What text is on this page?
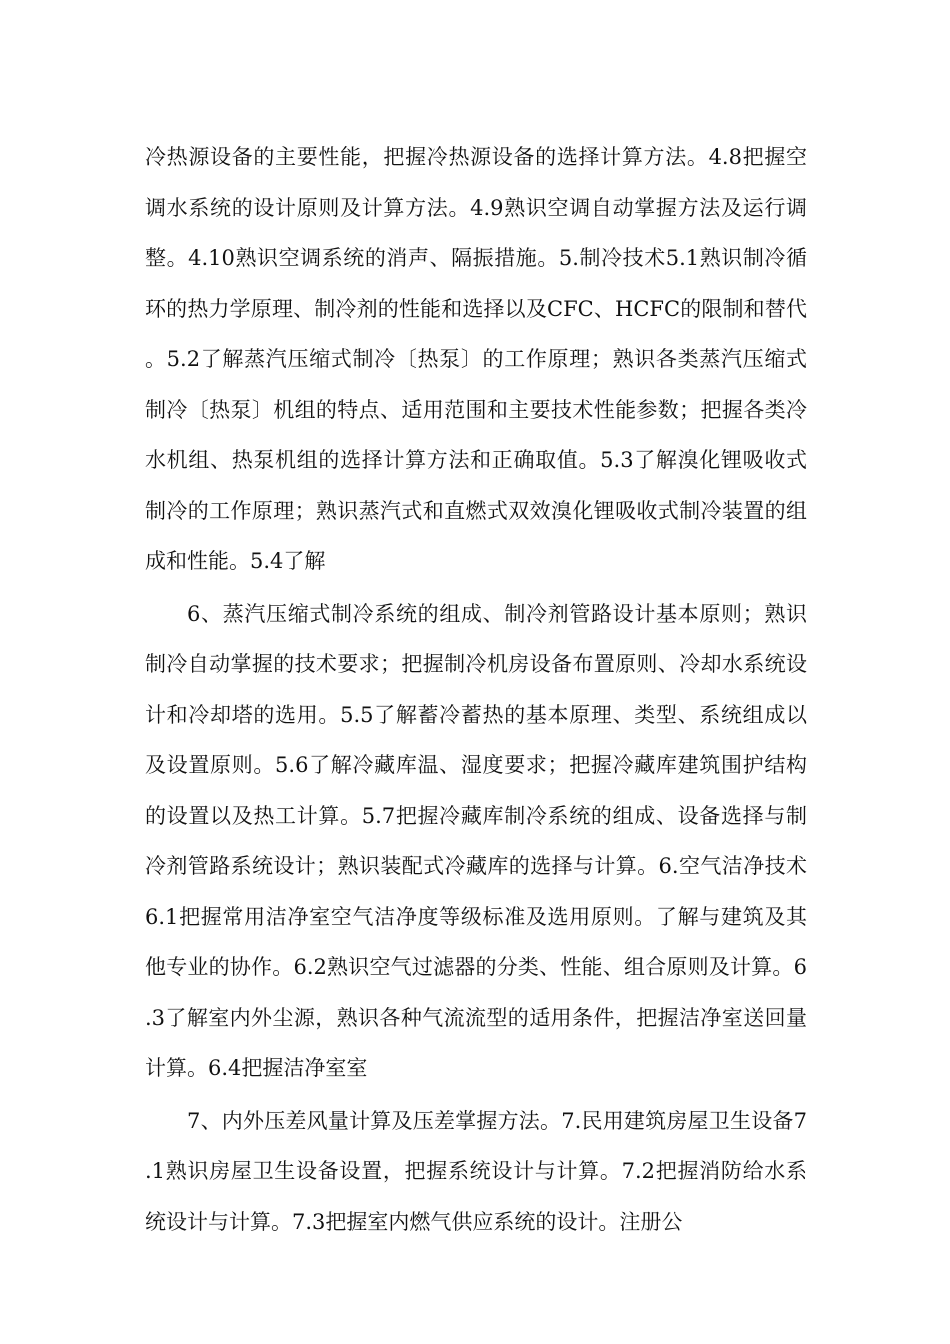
冷热源设备的主要性能，把握冷热源设备的选择计算方法。4.8把握空调水系统的设计原则及计算方法。4.9熟识空调自动掌握方法及运行调整。4.10熟识空调系统的消声、隔振措施。5.制冷技术5.1熟识制冷循环的热力学原理、制冷剂的性能和选择以及CFC、HCFC的限制和替代。5.2了解蒸汽压缩式制冷〔热泵〕的工作原理；熟识各类蒸汽压缩式制冷〔热泵〕机组的特点、适用范围和主要技术性能参数；把握各类冷水机组、热泵机组的选择计算方法和正确取值。5.3了解溴化锂吸收式制冷的工作原理；熟识蒸汽式和直燃式双效溴化锂吸收式制冷装置的组成和性能。5.4了解

6、蒸汽压缩式制冷系统的组成、制冷剂管路设计基本原则；熟识制冷自动掌握的技术要求；把握制冷机房设备布置原则、冷却水系统设计和冷却塔的选用。5.5了解蓄冷蓄热的基本原理、类型、系统组成以及设置原则。5.6了解冷藏库温、湿度要求；把握冷藏库建筑围护结构的设置以及热工计算。5.7把握冷藏库制冷系统的组成、设备选择与制冷剂管路系统设计；熟识装配式冷藏库的选择与计算。6.空气洁净技术6.1把握常用洁净室空气洁净度等级标准及选用原则。了解与建筑及其他专业的协作。6.2熟识空气过滤器的分类、性能、组合原则及计算。6.3了解室内外尘源，熟识各种气流流型的适用条件，把握洁净室送回量计算。6.4把握洁净室室

7、内外压差风量计算及压差掌握方法。7.民用建筑房屋卫生设备7.1熟识房屋卫生设备设置，把握系统设计与计算。7.2把握消防给水系统设计与计算。7.3把握室内燃气供应系统的设计。注册公
